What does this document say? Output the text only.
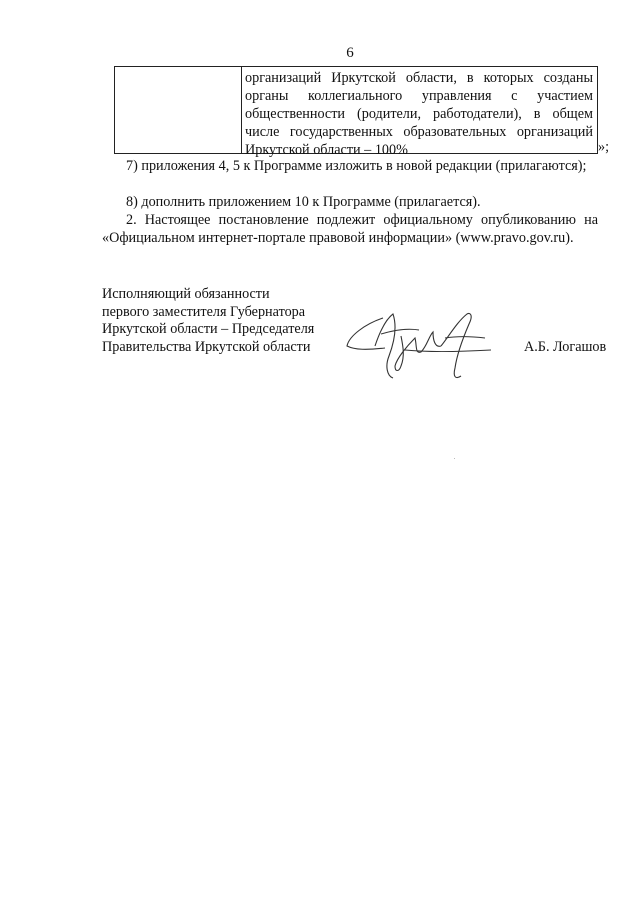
6
организаций Иркутской области, в которых созданы органы коллегиального управления с участием общественности (родители, работодатели), в общем числе государственных образовательных организаций Иркутской области – 100%	»;
7) приложения 4, 5 к Программе изложить в новой редакции (прилагаются);
8) дополнить приложением 10 к Программе (прилагается).
2. Настоящее постановление подлежит официальному опубликованию на «Официальном интернет-портале правовой информации» (www.pravo.gov.ru).
Исполняющий обязанности
первого заместителя Губернатора
Иркутской области – Председателя
Правительства Иркутской области	А.Б. Логашов
